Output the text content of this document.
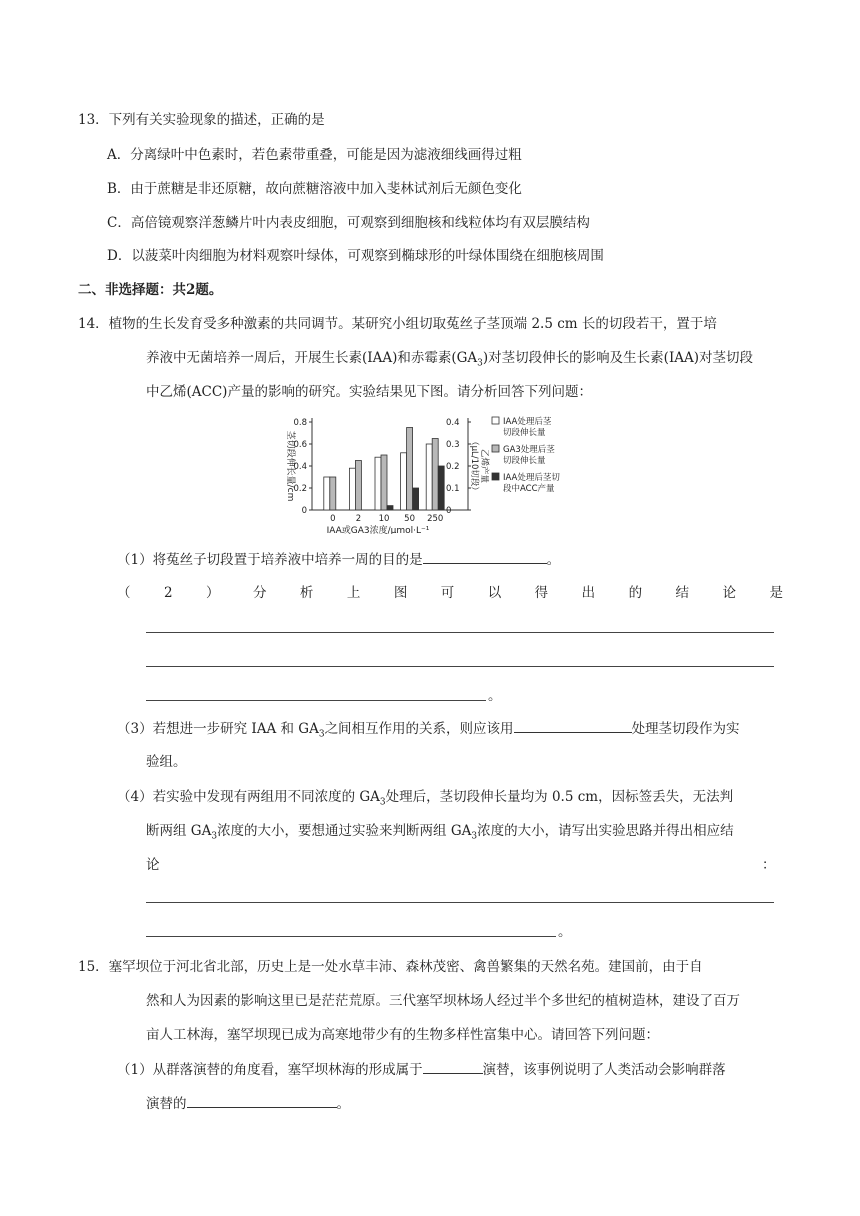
13．下列有关实验现象的描述，正确的是
A．分离绿叶中色素时，若色素带重叠，可能是因为滤液细线画得过粗
B．由于蔗糖是非还原糖，故向蔗糖溶液中加入斐林试剂后无颜色变化
C．高倍镜观察洋葱鳞片叶内表皮细胞，可观察到细胞核和线粒体均有双层膜结构
D．以菠菜叶肉细胞为材料观察叶绿体，可观察到椭球形的叶绿体围绕在细胞核周围
二、非选择题：共2题。
14．植物的生长发育受多种激素的共同调节。某研究小组切取菟丝子茎顶端 2.5 cm 长的切段若干，置于培
养液中无菌培养一周后，开展生长素(IAA)和赤霉素$(GA_3)$对茎切段伸长的影响及生长素(IAA)对茎切段
中乙烯(ACC)产量的影响的研究。实验结果见下图。请分析回答下列问题：
0
0.2
0.4
0.6
0.8
0
0.1
0.2
0.3
0.4
0 2 10 50 250
茎切段伸长量/cm	乙烯产量
（μL/10切段）
IAA或GA3浓度/μmol·L⁻¹
IAA处理后茎
切段伸长量
GA3处理后茎
切段伸长量
IAA处理后茎切
段中ACC产量
（1）将菟丝子切段置于培养液中培养一周的目的是	。
（ 2 ） 分 析 上 图 可 以 得 出 的 结 论 是
。
（3）若想进一步研究 IAA 和 $GA_3$之间相互作用的关系，则应该用	处理茎切段作为实
验组。
（4）若实验中发现有两组用不同浓度的 $GA_3$处理后，茎切段伸长量均为 0.5 cm，因标签丢失，无法判
断两组 $GA_3$浓度的大小，要想通过实验来判断两组 $GA_3$浓度的大小，请写出实验思路并得出相应结
论	：
。
15．塞罕坝位于河北省北部，历史上是一处水草丰沛、森林茂密、禽兽繁集的天然名苑。建国前，由于自
然和人为因素的影响这里已是茫茫荒原。三代塞罕坝林场人经过半个多世纪的植树造林，建设了百万
亩人工林海，塞罕坝现已成为高寒地带少有的生物多样性富集中心。请回答下列问题：
（1）从群落演替的角度看，塞罕坝林海的形成属于	演替，该事例说明了人类活动会影响群落
演替的	。
